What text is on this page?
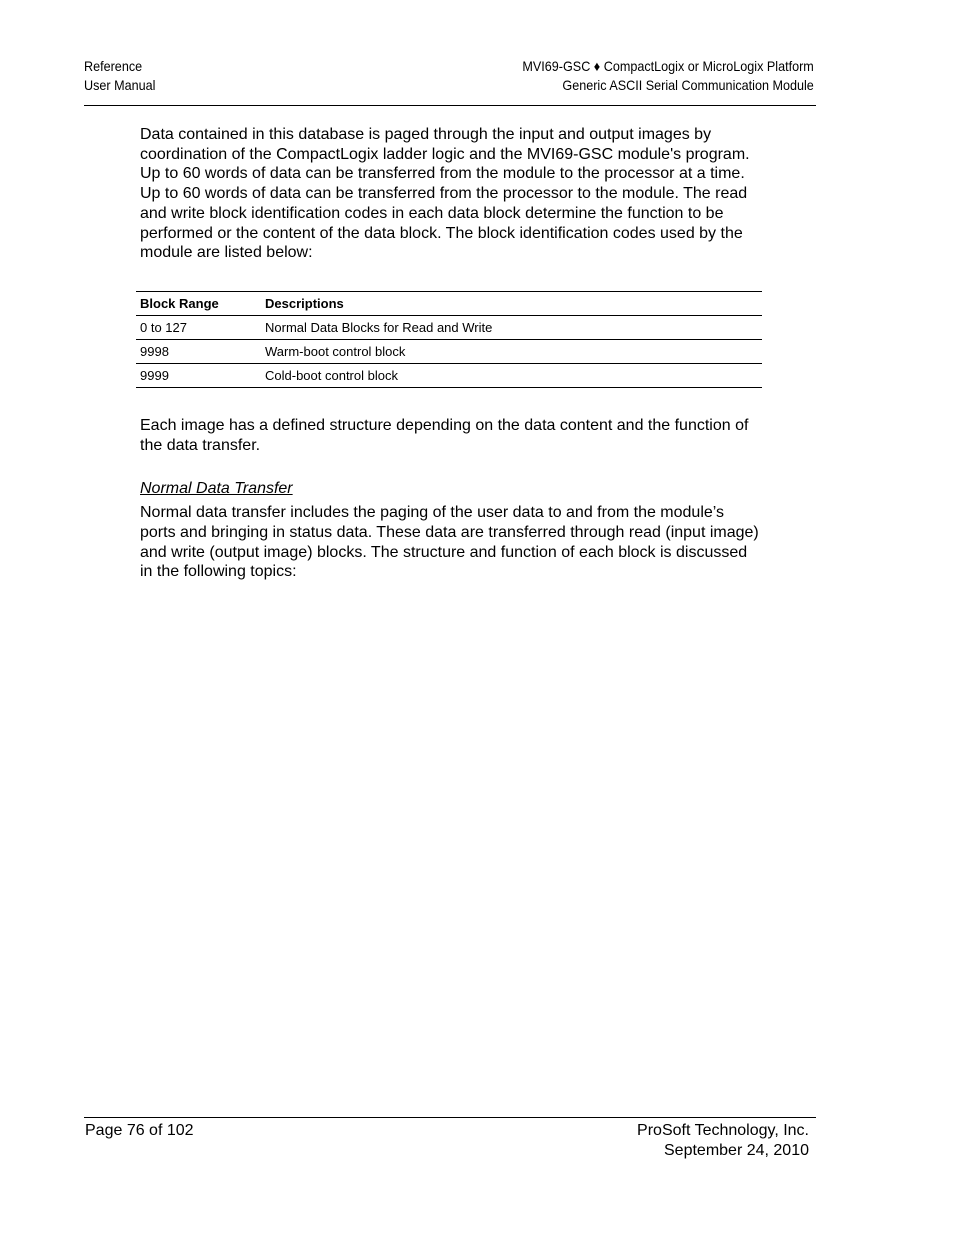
Reference
User Manual
MVI69-GSC ♦ CompactLogix or MicroLogix Platform
Generic ASCII Serial Communication Module

Data contained in this database is paged through the input and output images by coordination of the CompactLogix ladder logic and the MVI69-GSC module's program. Up to 60 words of data can be transferred from the module to the processor at a time. Up to 60 words of data can be transferred from the processor to the module. The read and write block identification codes in each data block determine the function to be performed or the content of the data block. The block identification codes used by the module are listed below:

Block Range	Descriptions
0 to 127	Normal Data Blocks for Read and Write
9998	Warm-boot control block
9999	Cold-boot control block

Each image has a defined structure depending on the data content and the function of the data transfer.

Normal Data Transfer

Normal data transfer includes the paging of the user data to and from the module’s ports and bringing in status data. These data are transferred through read (input image) and write (output image) blocks. The structure and function of each block is discussed in the following topics:

Page 76 of 102	ProSoft Technology, Inc.
September 24, 2010
